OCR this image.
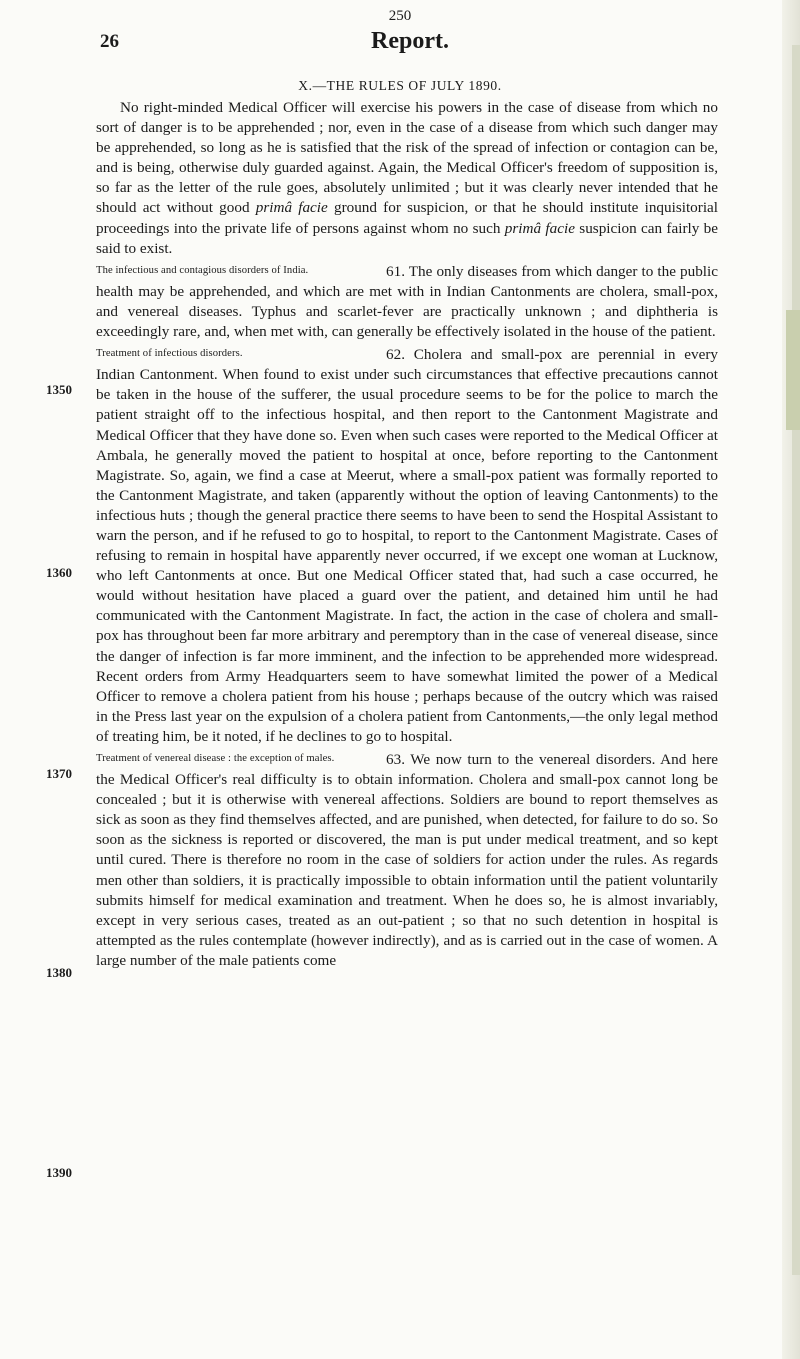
250
26	Report.
X.—THE RULES OF JULY 1890.
1350
1360
1370
1380
1390

No right-minded Medical Officer will exercise his powers in the case of disease from which no sort of danger is to be apprehended ; nor, even in the case of a disease from which such danger may be apprehended, so long as he is satisfied that the risk of the spread of infection or contagion can be, and is being, otherwise duly guarded against. Again, the Medical Officer's freedom of supposition is, so far as the letter of the rule goes, absolutely unlimited ; but it was clearly never intended that he should act without good primâ facie ground for suspicion, or that he should institute inquisitorial proceedings into the private life of persons against whom no such primâ facie suspicion can fairly be said to exist.

The infectious and contagious disorders of India.	61. The only diseases from which danger to the public health may be apprehended, and which are met with in Indian Cantonments are cholera, small-pox, and venereal diseases. Typhus and scarlet-fever are practically unknown ; and diphtheria is exceedingly rare, and, when met with, can generally be effectively isolated in the house of the patient.

Treatment of infectious disorders.	62. Cholera and small-pox are perennial in every Indian Cantonment. When found to exist under such circumstances that effective precautions cannot be taken in the house of the sufferer, the usual procedure seems to be for the police to march the patient straight off to the infectious hospital, and then report to the Cantonment Magistrate and Medical Officer that they have done so. Even when such cases were reported to the Medical Officer at Ambala, he generally moved the patient to hospital at once, before reporting to the Cantonment Magistrate. So, again, we find a case at Meerut, where a small-pox patient was formally reported to the Cantonment Magistrate, and taken (apparently without the option of leaving Cantonments) to the infectious huts ; though the general practice there seems to have been to send the Hospital Assistant to warn the person, and if he refused to go to hospital, to report to the Cantonment Magistrate. Cases of refusing to remain in hospital have apparently never occurred, if we except one woman at Lucknow, who left Cantonments at once. But one Medical Officer stated that, had such a case occurred, he would without hesitation have placed a guard over the patient, and detained him until he had communicated with the Cantonment Magistrate. In fact, the action in the case of cholera and small-pox has throughout been far more arbitrary and peremptory than in the case of venereal disease, since the danger of infection is far more imminent, and the infection to be apprehended more widespread. Recent orders from Army Headquarters seem to have somewhat limited the power of a Medical Officer to remove a cholera patient from his house ; perhaps because of the outcry which was raised in the Press last year on the expulsion of a cholera patient from Cantonments,—the only legal method of treating him, be it noted, if he declines to go to hospital.

Treatment of venereal disease : the exception of males.	63. We now turn to the venereal disorders. And here the Medical Officer's real difficulty is to obtain information. Cholera and small-pox cannot long be concealed ; but it is otherwise with venereal affections. Soldiers are bound to report themselves as sick as soon as they find themselves affected, and are punished, when detected, for failure to do so. So soon as the sickness is reported or discovered, the man is put under medical treatment, and so kept until cured. There is therefore no room in the case of soldiers for action under the rules. As regards men other than soldiers, it is practically impossible to obtain information until the patient voluntarily submits himself for medical examination and treatment. When he does so, he is almost invariably, except in very serious cases, treated as an out-patient ; so that no such detention in hospital is attempted as the rules contemplate (however indirectly), and as is carried out in the case of women. A large number of the male patients come
